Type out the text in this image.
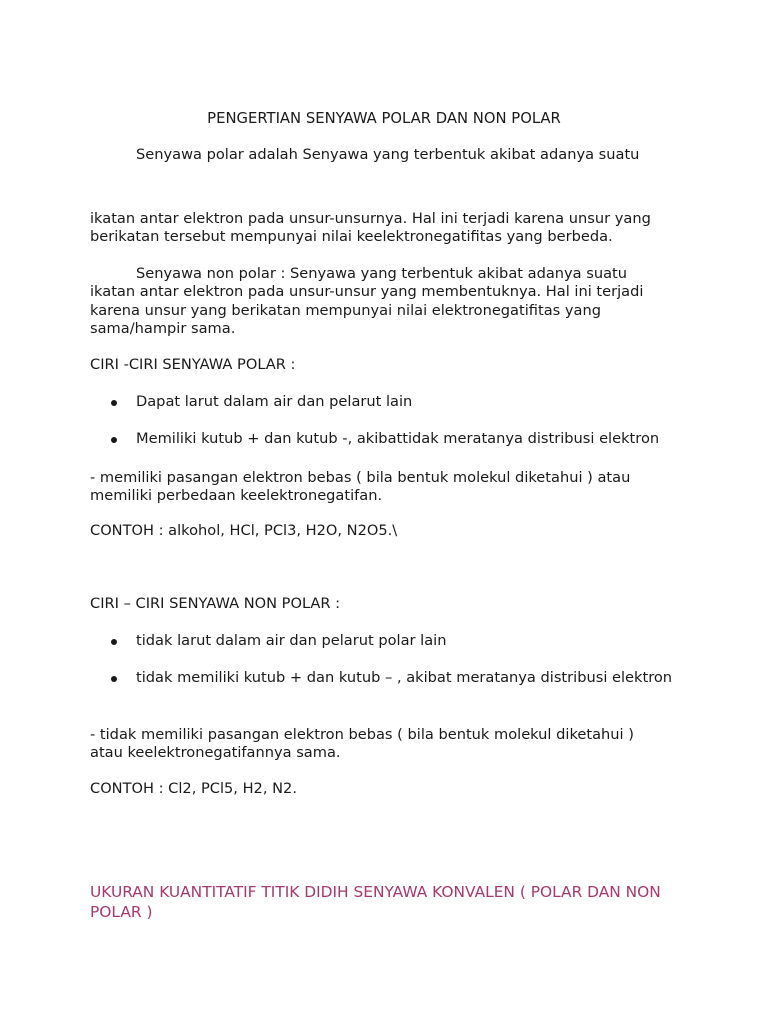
PENGERTIAN SENYAWA POLAR DAN NON POLAR

Senyawa polar adalah Senyawa yang terbentuk akibat adanya suatu

ikatan antar elektron pada unsur-unsurnya. Hal ini terjadi karena unsur yang berikatan tersebut mempunyai nilai keelektronegatifitas yang berbeda.

Senyawa non polar : Senyawa yang terbentuk akibat adanya suatu ikatan antar elektron pada unsur-unsur yang membentuknya. Hal ini terjadi karena unsur yang berikatan mempunyai nilai elektronegatifitas yang sama/hampir sama.

CIRI -CIRI SENYAWA POLAR :

Dapat larut dalam air dan pelarut lain
Memiliki kutub + dan kutub -, akibattidak meratanya distribusi elektron

- memiliki pasangan elektron bebas ( bila bentuk molekul diketahui ) atau memiliki perbedaan keelektronegatifan.

CONTOH : alkohol, HCl, PCl3, H2O, N2O5.\

CIRI – CIRI SENYAWA NON POLAR :

tidak larut dalam air dan pelarut polar lain
tidak memiliki kutub + dan kutub – , akibat meratanya distribusi elektron

- tidak memiliki pasangan elektron bebas ( bila bentuk molekul diketahui ) atau keelektronegatifannya sama.

CONTOH : Cl2, PCl5, H2, N2.

UKURAN KUANTITATIF TITIK DIDIH SENYAWA KONVALEN ( POLAR DAN NON POLAR )
